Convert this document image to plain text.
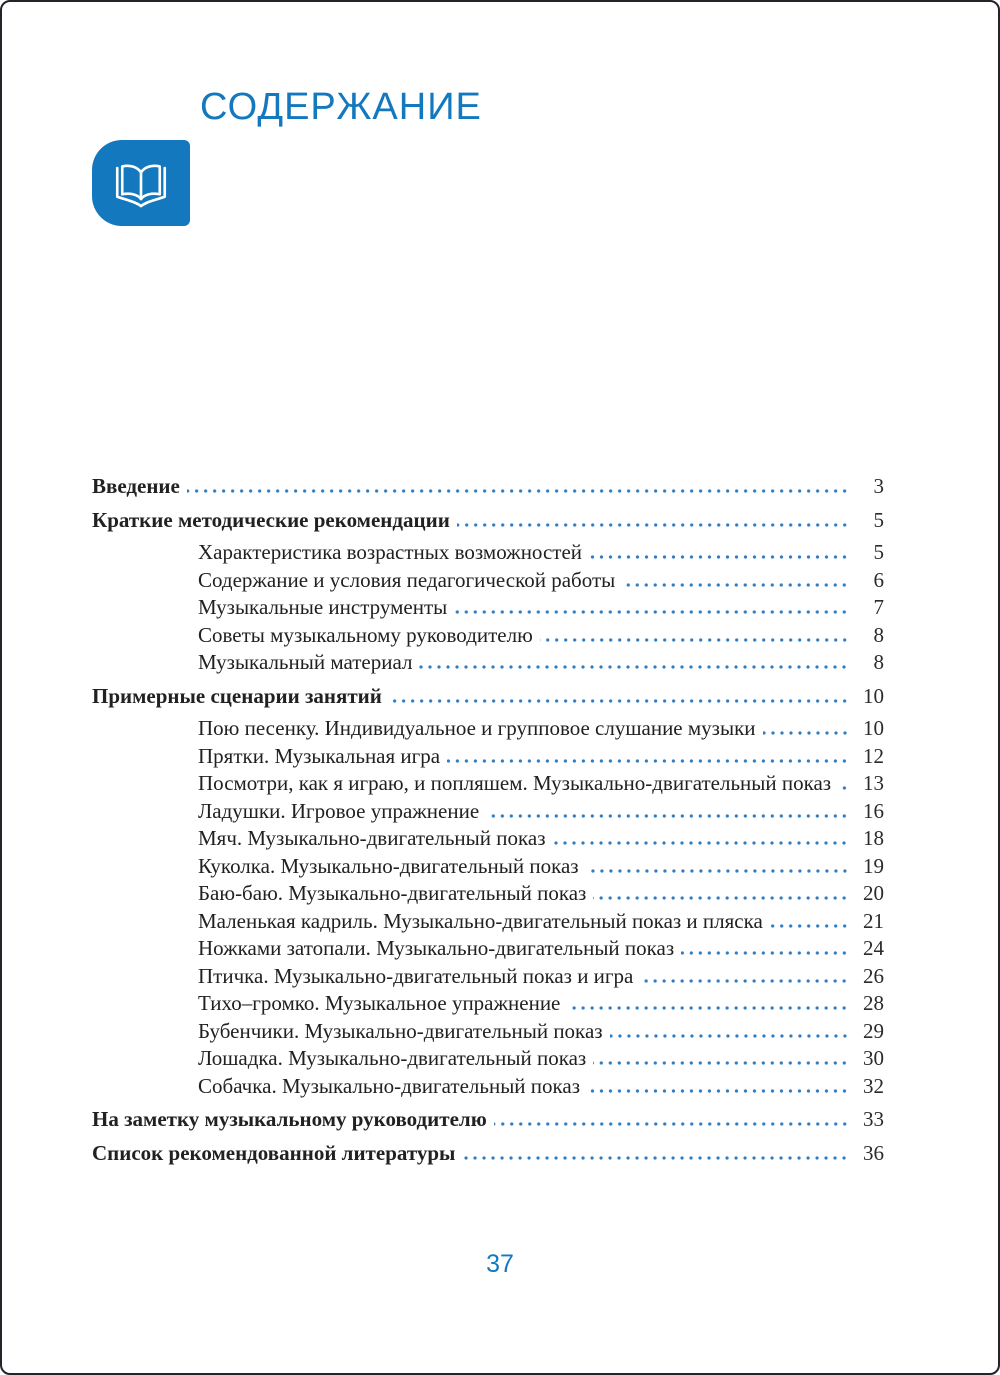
СОДЕРЖАНИЕ
Введение	3
Краткие методические рекомендации	5
Характеристика возрастных возможностей	5
Содержание и условия педагогической работы	6
Музыкальные инструменты	7
Советы музыкальному руководителю	8
Музыкальный материал	8
Примерные сценарии занятий	10
Пою песенку. Индивидуальное и групповое слушание музыки	10
Прятки. Музыкальная игра	12
Посмотри, как я играю, и попляшем. Музыкально-двигательный показ	13
Ладушки. Игровое упражнение	16
Мяч. Музыкально-двигательный показ	18
Куколка. Музыкально-двигательный показ	19
Баю-баю. Музыкально-двигательный показ	20
Маленькая кадриль. Музыкально-двигательный показ и пляска	21
Ножками затопали. Музыкально-двигательный показ	24
Птичка. Музыкально-двигательный показ и игра	26
Тихо–громко. Музыкальное упражнение	28
Бубенчики. Музыкально-двигательный показ	29
Лошадка. Музыкально-двигательный показ	30
Собачка. Музыкально-двигательный показ	32
На заметку музыкальному руководителю	33
Список рекомендованной литературы	36
37
